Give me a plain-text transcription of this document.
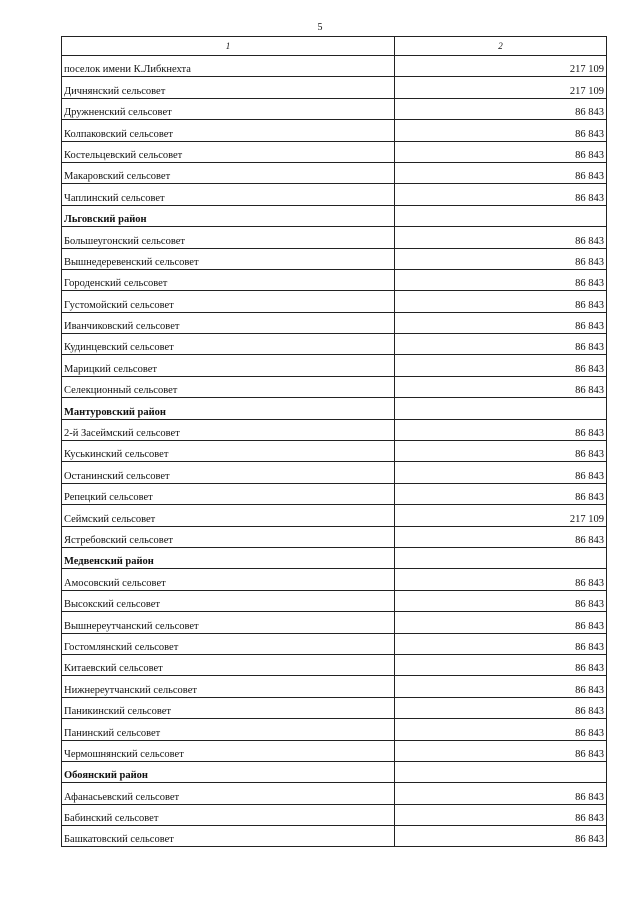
5
1	2
поселок имени К.Либкнехта	217 109
Дичнянский сельсовет	217 109
Дружненский сельсовет	86 843
Колпаковский сельсовет	86 843
Костельцевский сельсовет	86 843
Макаровский сельсовет	86 843
Чаплинский сельсовет	86 843
Льговский район	
Большеугонский сельсовет	86 843
Вышнедеревенский сельсовет	86 843
Городенский сельсовет	86 843
Густомойский сельсовет	86 843
Иванчиковский сельсовет	86 843
Кудинцевский сельсовет	86 843
Марицкий сельсовет	86 843
Селекционный сельсовет	86 843
Мантуровский район	
2-й Засеймский сельсовет	86 843
Куськинский сельсовет	86 843
Останинский сельсовет	86 843
Репецкий сельсовет	86 843
Сеймский сельсовет	217 109
Ястребовский сельсовет	86 843
Медвенский район	
Амосовский сельсовет	86 843
Высокский сельсовет	86 843
Вышнереутчанский сельсовет	86 843
Гостомлянский сельсовет	86 843
Китаевский сельсовет	86 843
Нижнереутчанский сельсовет	86 843
Паникинский сельсовет	86 843
Панинский сельсовет	86 843
Чермошнянский сельсовет	86 843
Обоянский район	
Афанасьевский сельсовет	86 843
Бабинский сельсовет	86 843
Башкатовский сельсовет	86 843
